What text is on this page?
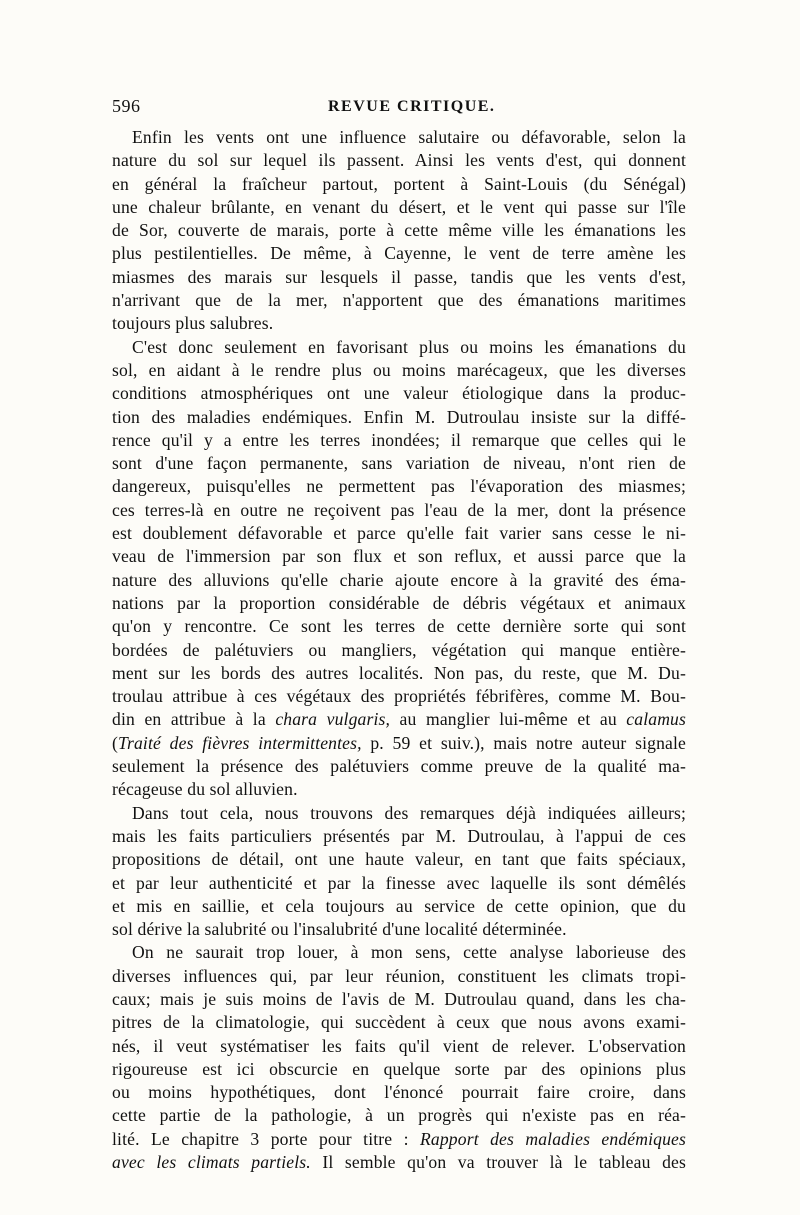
596	REVUE CRITIQUE.
Enfin les vents ont une influence salutaire ou défavorable, selon la
nature du sol sur lequel ils passent. Ainsi les vents d'est, qui donnent
en général la fraîcheur partout, portent à Saint-Louis (du Sénégal)
une chaleur brûlante, en venant du désert, et le vent qui passe sur l'île
de Sor, couverte de marais, porte à cette même ville les émanations les
plus pestilentielles. De même, à Cayenne, le vent de terre amène les
miasmes des marais sur lesquels il passe, tandis que les vents d'est,
n'arrivant que de la mer, n'apportent que des émanations maritimes
toujours plus salubres.
C'est donc seulement en favorisant plus ou moins les émanations du
sol, en aidant à le rendre plus ou moins marécageux, que les diverses
conditions atmosphériques ont une valeur étiologique dans la produc-
tion des maladies endémiques. Enfin M. Dutroulau insiste sur la diffé-
rence qu'il y a entre les terres inondées; il remarque que celles qui le
sont d'une façon permanente, sans variation de niveau, n'ont rien de
dangereux, puisqu'elles ne permettent pas l'évaporation des miasmes;
ces terres-là en outre ne reçoivent pas l'eau de la mer, dont la présence
est doublement défavorable et parce qu'elle fait varier sans cesse le ni-
veau de l'immersion par son flux et son reflux, et aussi parce que la
nature des alluvions qu'elle charie ajoute encore à la gravité des éma-
nations par la proportion considérable de débris végétaux et animaux
qu'on y rencontre. Ce sont les terres de cette dernière sorte qui sont
bordées de palétuviers ou mangliers, végétation qui manque entière-
ment sur les bords des autres localités. Non pas, du reste, que M. Du-
troulau attribue à ces végétaux des propriétés fébrifères, comme M. Bou-
din en attribue à la chara vulgaris, au manglier lui-même et au calamus
(Traité des fièvres intermittentes, p. 59 et suiv.), mais notre auteur signale
seulement la présence des palétuviers comme preuve de la qualité ma-
récageuse du sol alluvien.
Dans tout cela, nous trouvons des remarques déjà indiquées ailleurs;
mais les faits particuliers présentés par M. Dutroulau, à l'appui de ces
propositions de détail, ont une haute valeur, en tant que faits spéciaux,
et par leur authenticité et par la finesse avec laquelle ils sont démêlés
et mis en saillie, et cela toujours au service de cette opinion, que du
sol dérive la salubrité ou l'insalubrité d'une localité déterminée.
On ne saurait trop louer, à mon sens, cette analyse laborieuse des
diverses influences qui, par leur réunion, constituent les climats tropi-
caux; mais je suis moins de l'avis de M. Dutroulau quand, dans les cha-
pitres de la climatologie, qui succèdent à ceux que nous avons exami-
nés, il veut systématiser les faits qu'il vient de relever. L'observation
rigoureuse est ici obscurcie en quelque sorte par des opinions plus
ou moins hypothétiques, dont l'énoncé pourrait faire croire, dans
cette partie de la pathologie, à un progrès qui n'existe pas en réa-
lité. Le chapitre 3 porte pour titre : Rapport des maladies endémiques
avec les climats partiels. Il semble qu'on va trouver là le tableau des
